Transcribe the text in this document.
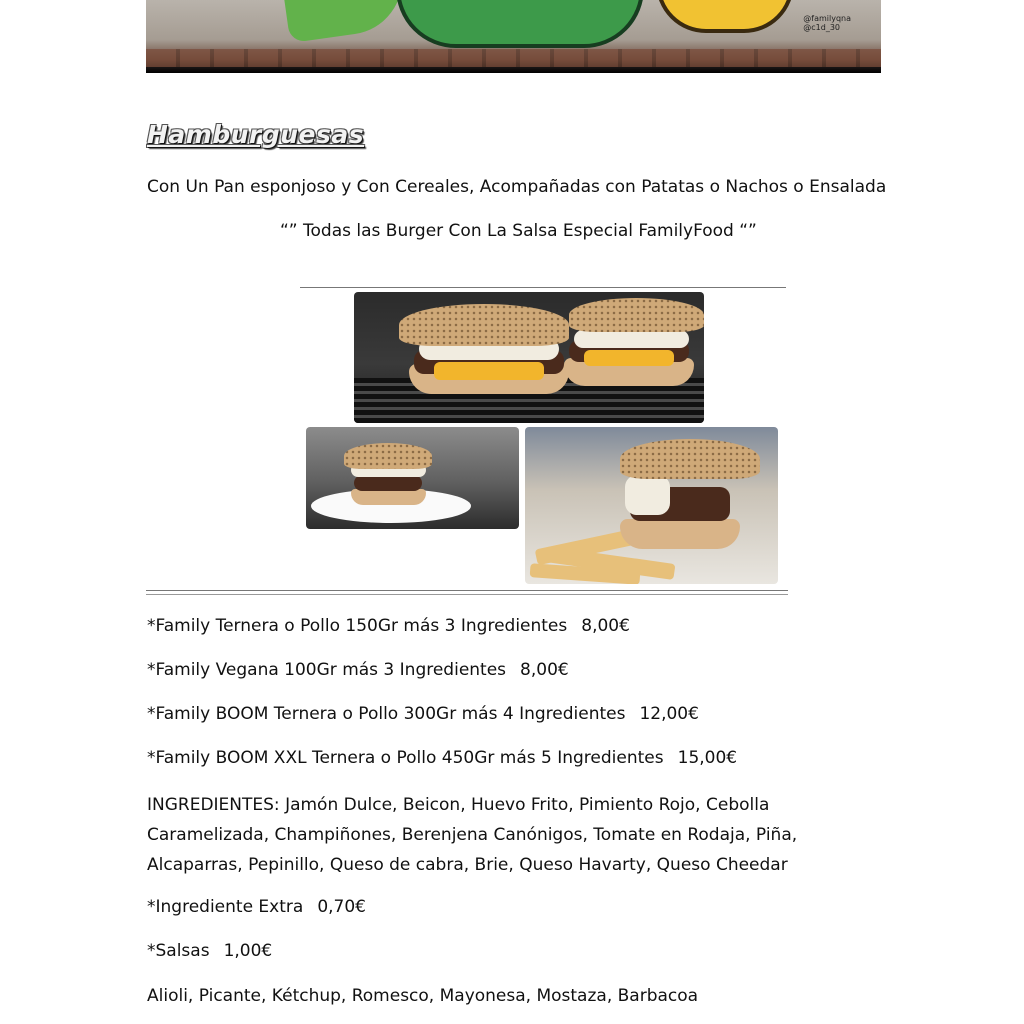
@familyqna
@c1d_30
Hamburguesas
Con Un Pan esponjoso y Con Cereales, Acompañadas con Patatas o Nachos o Ensalada
“” Todas las Burger Con La Salsa Especial FamilyFood “”
*Family Ternera o Pollo 150Gr más 3 Ingredientes 8,00€
*Family Vegana 100Gr más 3 Ingredientes 8,00€
*Family BOOM Ternera o Pollo 300Gr más 4 Ingredientes 12,00€
*Family BOOM XXL Ternera o Pollo 450Gr más 5 Ingredientes 15,00€
INGREDIENTES: Jamón Dulce, Beicon, Huevo Frito, Pimiento Rojo, Cebolla Caramelizada, Champiñones, Berenjena Canónigos, Tomate en Rodaja, Piña, Alcaparras, Pepinillo, Queso de cabra, Brie, Queso Havarty, Queso Cheedar
*Ingrediente Extra 0,70€
*Salsas 1,00€
Alioli, Picante, Kétchup, Romesco, Mayonesa, Mostaza, Barbacoa
